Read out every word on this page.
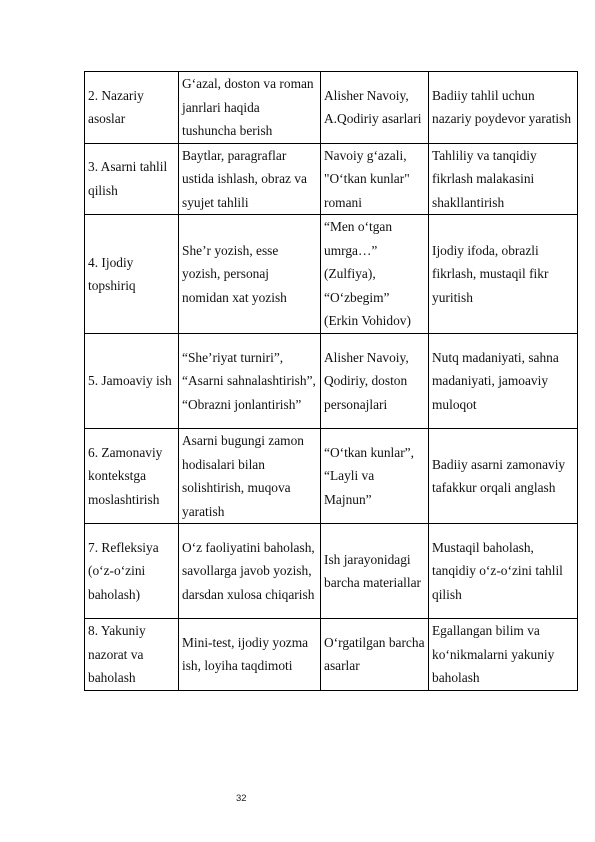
2. Nazariy asoslar	G‘azal, doston va roman janrlari haqida tushuncha berish	Alisher Navoiy, A.Qodiriy asarlari	Badiiy tahlil uchun nazariy poydevor yaratish
3. Asarni tahlil qilish	Baytlar, paragraflar ustida ishlash, obraz va syujet tahlili	Navoiy g‘azali, "O‘tkan kunlar" romani	Tahliliy va tanqidiy fikrlash malakasini shakllantirish
4. Ijodiy topshiriq	She’r yozish, esse yozish, personaj nomidan xat yozish	“Men o‘tgan umrga…” (Zulfiya), “O‘zbegim” (Erkin Vohidov)	Ijodiy ifoda, obrazli fikrlash, mustaqil fikr yuritish
5. Jamoaviy ish	“She’riyat turniri”, “Asarni sahnalashtirish”, “Obrazni jonlantirish”	Alisher Navoiy, Qodiriy, doston personajlari	Nutq madaniyati, sahna madaniyati, jamoaviy muloqot
6. Zamonaviy kontekstga moslashtirish	Asarni bugungi zamon hodisalari bilan solishtirish, muqova yaratish	“O‘tkan kunlar”, “Layli va Majnun”	Badiiy asarni zamonaviy tafakkur orqali anglash
7. Refleksiya (o‘z-o‘zini baholash)	O‘z faoliyatini baholash, savollarga javob yozish, darsdan xulosa chiqarish	Ish jarayonidagi barcha materiallar	Mustaqil baholash, tanqidiy o‘z-o‘zini tahlil qilish
8. Yakuniy nazorat va baholash	Mini-test, ijodiy yozma ish, loyiha taqdimoti	O‘rgatilgan barcha asarlar	Egallangan bilim va ko‘nikmalarni yakuniy baholash
32
